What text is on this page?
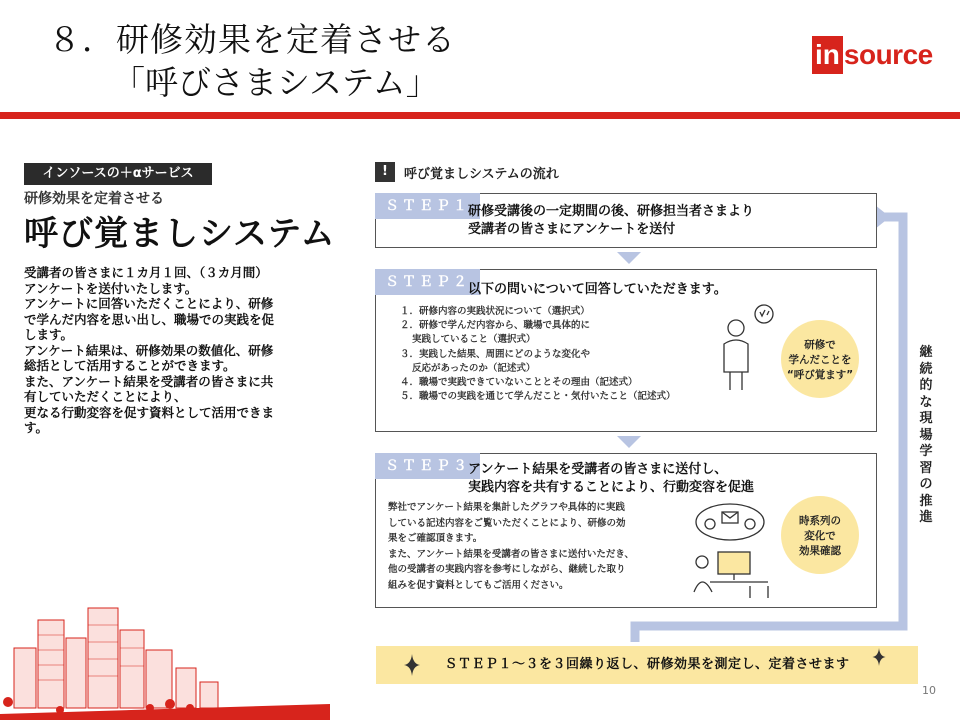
８．研修効果を定着させる
「呼びさまシステム」
in source
インソースの＋αサービス
研修効果を定着させる
呼び覚ましシステム
受講者の皆さまに１カ月１回、（３カ月間）
アンケートを送付いたします。
アンケートに回答いただくことにより、研修
で学んだ内容を思い出し、職場での実践を促
します。
アンケート結果は、研修効果の数値化、研修
総括として活用することができます。
また、アンケート結果を受講者の皆さまに共
有していただくことにより、
更なる行動変容を促す資料として活用できま
す。
!	呼び覚ましシステムの流れ
ＳＴＥＰ１
研修受講後の一定期間の後、研修担当者さまより
受講者の皆さまにアンケートを送付
ＳＴＥＰ２
以下の問いについて回答していただきます。
１．研修内容の実践状況について（選択式）
２．研修で学んだ内容から、職場で具体的に
実践していること（選択式）
３．実践した結果、周囲にどのような変化や
反応があったのか（記述式）
４．職場で実践できていないこととその理由（記述式）
５．職場での実践を通じて学んだこと・気付いたこと（記述式）
研修で
学んだことを
“呼び覚ます”
ＳＴＥＰ３
アンケート結果を受講者の皆さまに送付し、
実践内容を共有することにより、行動変容を促進
弊社でアンケート結果を集計したグラフや具体的に実践
している記述内容をご覧いただくことにより、研修の効
果をご確認頂きます。
また、アンケート結果を受講者の皆さまに送付いただき、
他の受講者の実践内容を参考にしながら、継続した取り
組みを促す資料としてもご活用ください。
時系列の
変化で
効果確認
継
続
的
な
現
場
学
習
の
推
進
ＳＴＥＰ１～３を３回繰り返し、研修効果を測定し、定着させます
10
